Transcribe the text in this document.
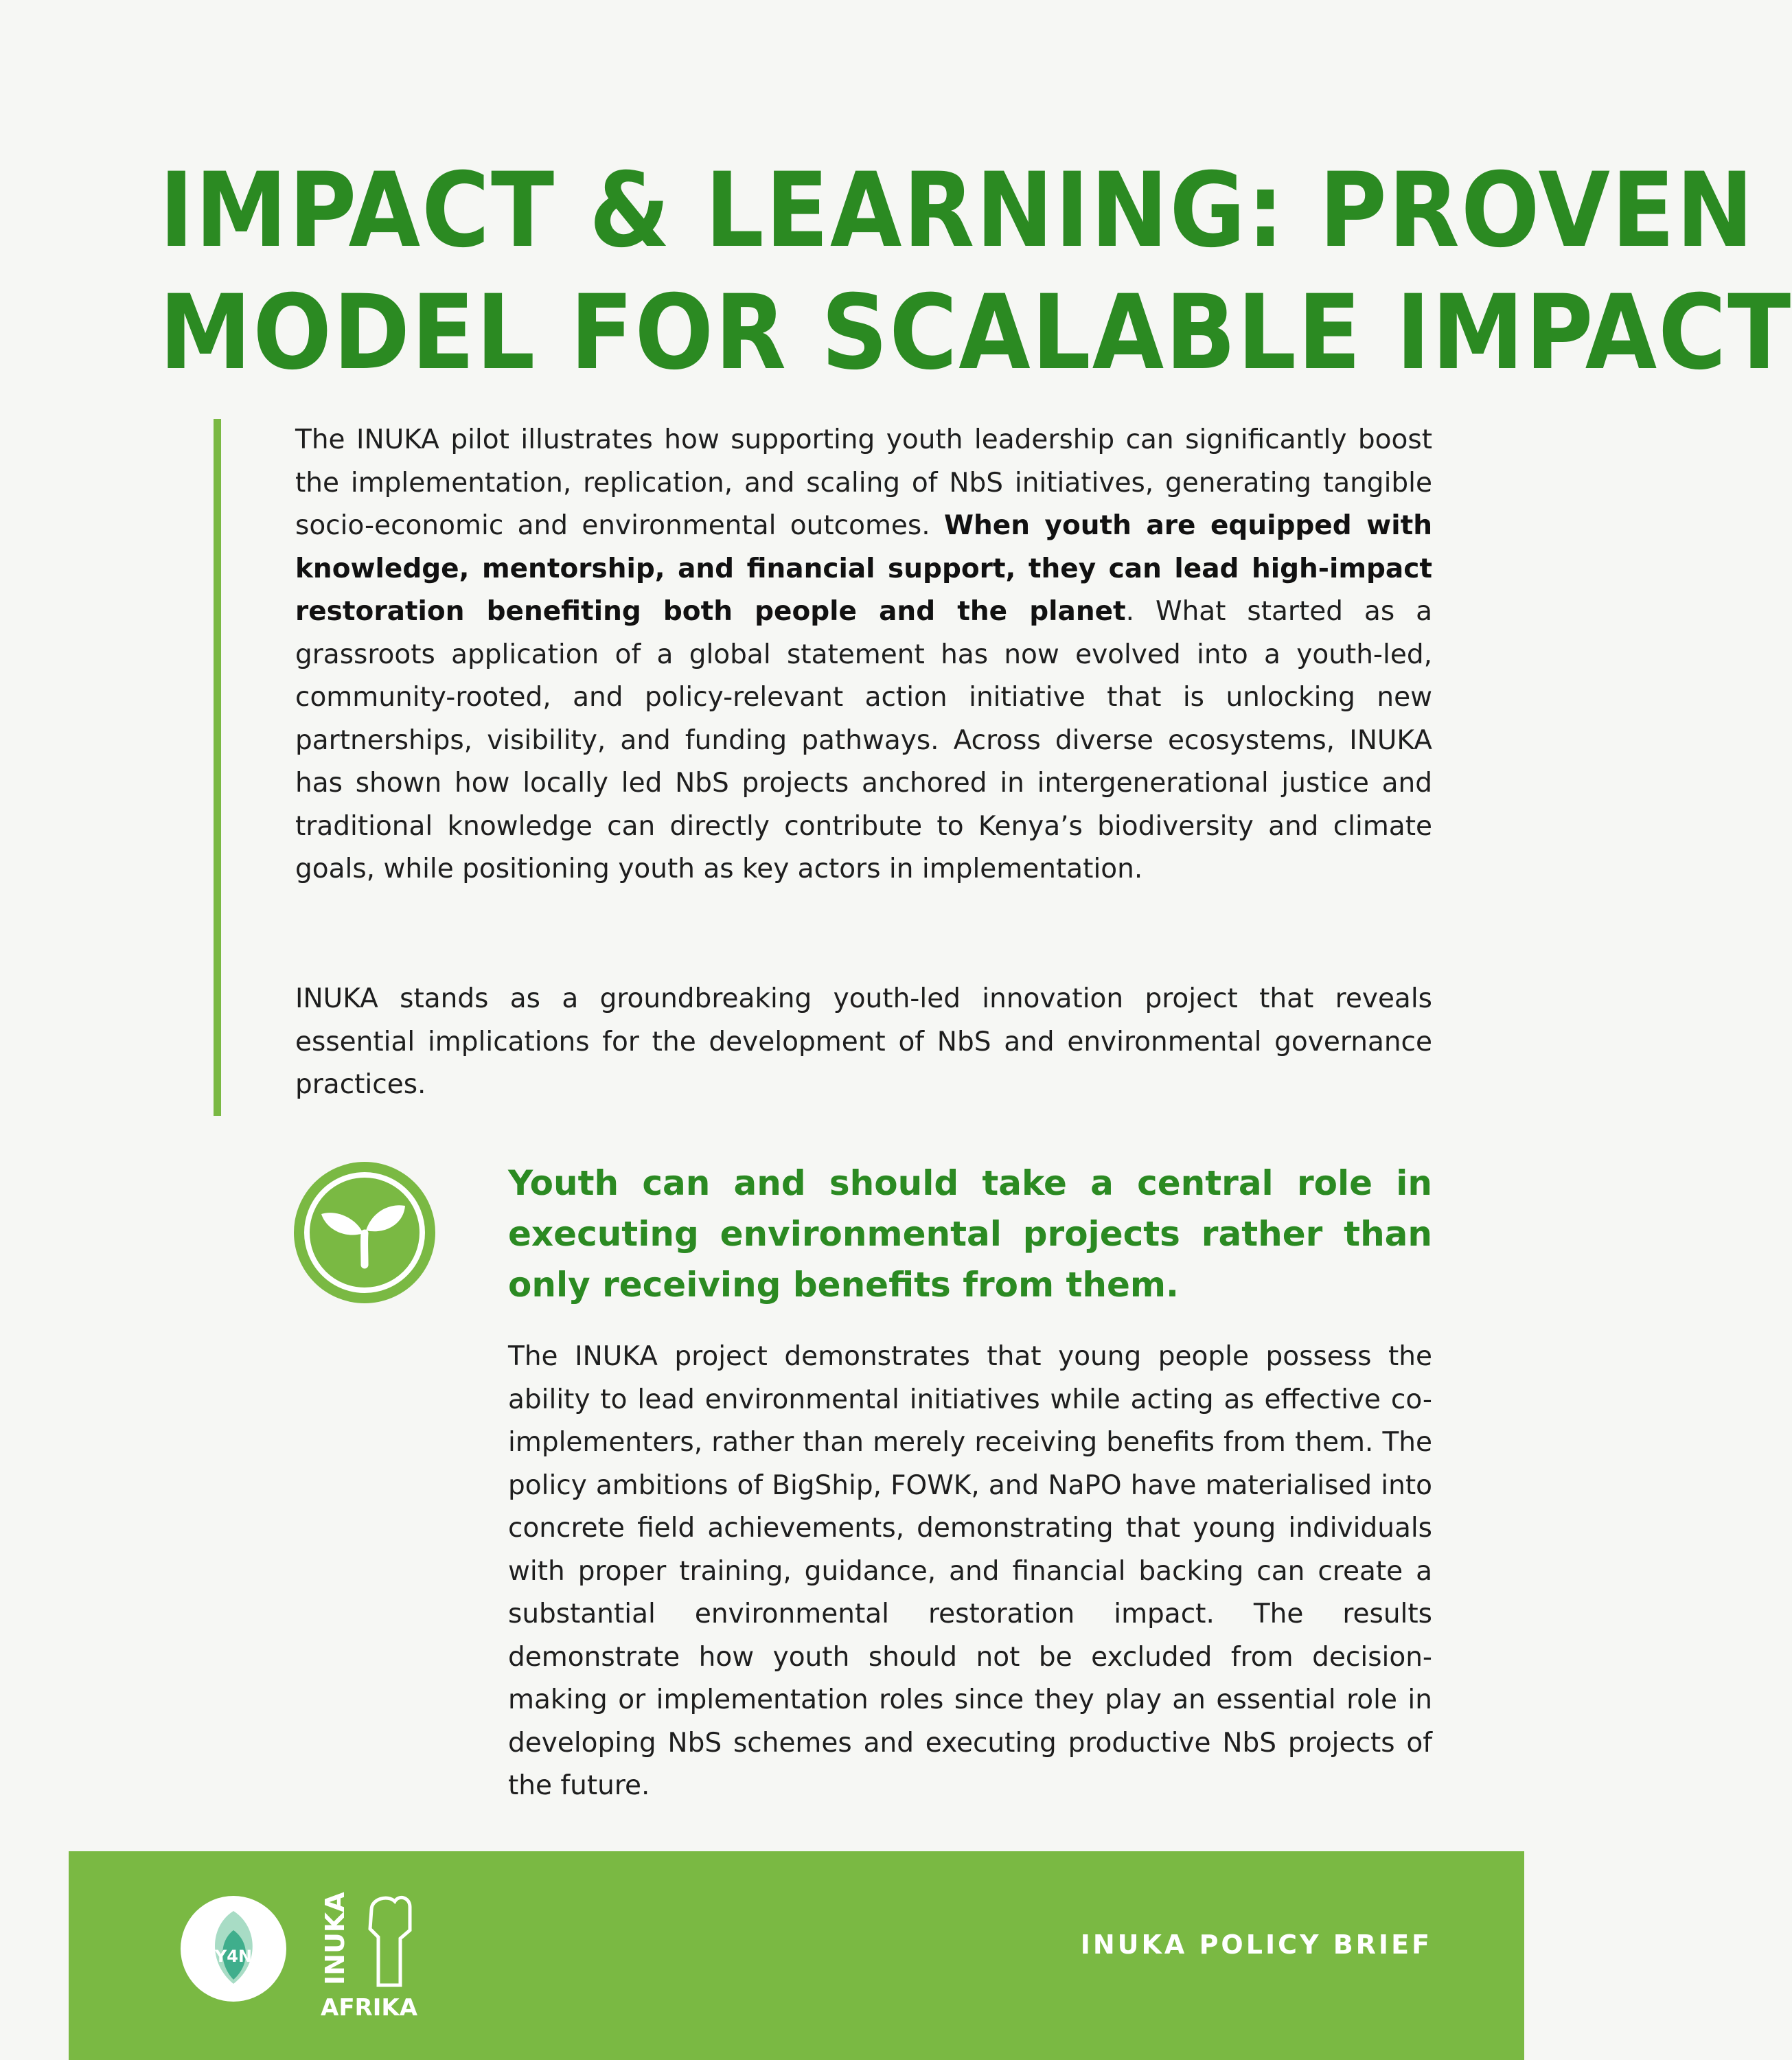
IMPACT & LEARNING: PROVEN
MODEL FOR SCALABLE IMPACT

The INUKA pilot illustrates how supporting youth leadership can significantly boost the implementation, replication, and scaling of NbS initiatives, generating tangible socio-economic and environmental outcomes. When youth are equipped with knowledge, mentorship, and financial support, they can lead high-impact restoration benefiting both people and the planet. What started as a grassroots application of a global statement has now evolved into a youth-led, community-rooted, and policy-relevant action initiative that is unlocking new partnerships, visibility, and funding pathways. Across diverse ecosystems, INUKA has shown how locally led NbS projects anchored in intergenerational justice and traditional knowledge can directly contribute to Kenya’s biodiversity and climate goals, while positioning youth as key actors in implementation.

INUKA stands as a groundbreaking youth-led innovation project that reveals essential implications for the development of NbS and environmental governance practices.

Youth can and should take a central role in executing environmental projects rather than only receiving benefits from them.

The INUKA project demonstrates that young people possess the ability to lead environmental initiatives while acting as effective co-implementers, rather than merely receiving benefits from them. The policy ambitions of BigShip, FOWK, and NaPO have materialised into concrete field achievements, demonstrating that young individuals with proper training, guidance, and financial backing can create a substantial environmental restoration impact. The results demonstrate how youth should not be excluded from decision-making or implementation roles since they play an essential role in developing NbS schemes and executing productive NbS projects of the future.

Y4N	INUKA
AFRIKA

INUKA POLICY BRIEF
